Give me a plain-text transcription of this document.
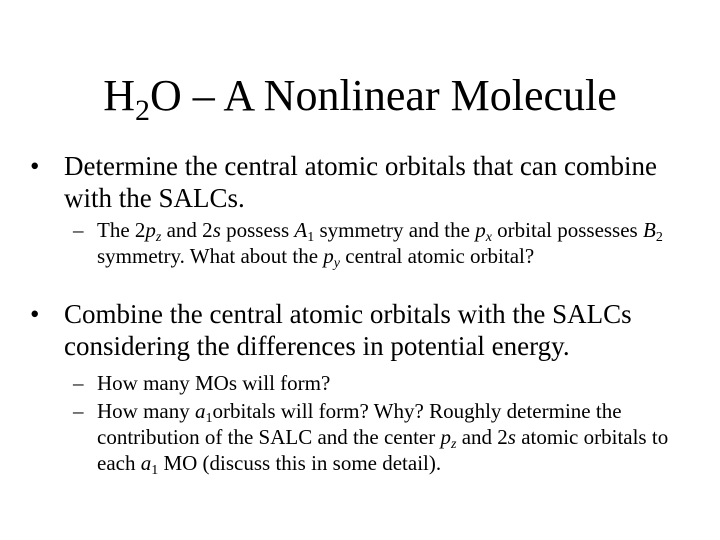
$H_2O$ – A Nonlinear Molecule
• Determine the central atomic orbitals that can combine with the SALCs.
– The $2p_z$ and 2s possess $A_1$ symmetry and the $p_x$ orbital possesses $B_2$ symmetry. What about the $p_y$ central atomic orbital?
• Combine the central atomic orbitals with the SALCs considering the differences in potential energy.
– How many MOs will form?
– How many $a_1orbitals$ will form? Why? Roughly determine the contribution of the SALC and the center $p_z$ and 2s atomic orbitals to each $a_1$ MO (discuss this in some detail).
